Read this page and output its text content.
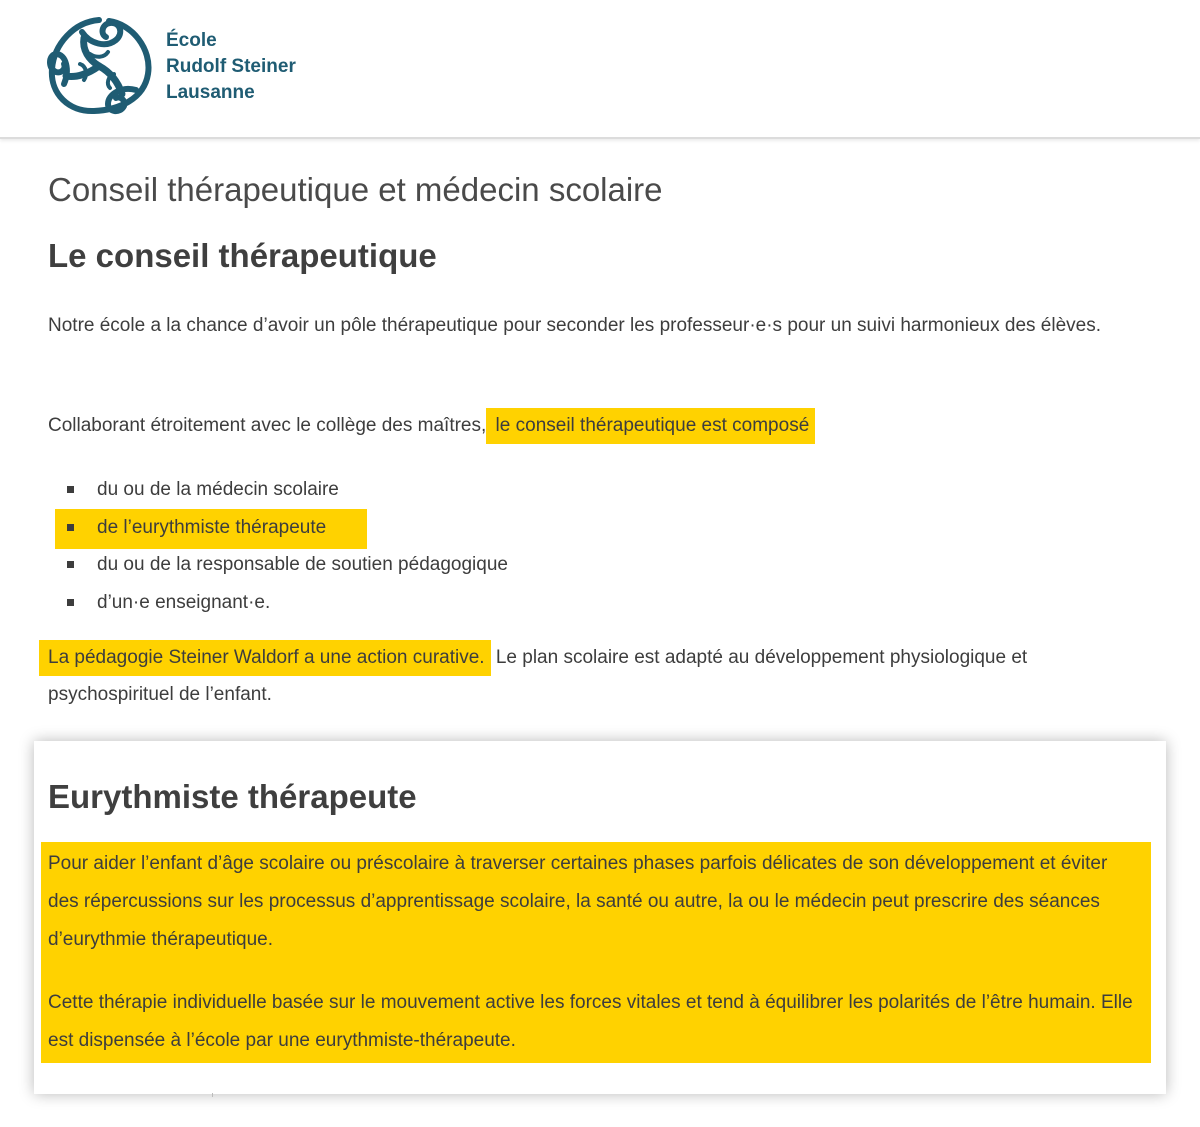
École
Rudolf Steiner
Lausanne
Conseil thérapeutique et médecin scolaire
Le conseil thérapeutique

Notre école a la chance d’avoir un pôle thérapeutique pour seconder les professeur·e·s pour un suivi harmonieux des élèves.

Collaborant étroitement avec le collège des maîtres, le conseil thérapeutique est composé

du ou de la médecin scolaire
de l’eurythmiste thérapeute
du ou de la responsable de soutien pédagogique
d’un·e enseignant·e.

La pédagogie Steiner Waldorf a une action curative. Le plan scolaire est adapté au développement physiologique et psychospirituel de l’enfant.

Eurythmiste thérapeute

Pour aider l’enfant d’âge scolaire ou préscolaire à traverser certaines phases parfois délicates de son développement et éviter des répercussions sur les processus d’apprentissage scolaire, la santé ou autre, la ou le médecin peut prescrire des séances d’eurythmie thérapeutique.

Cette thérapie individuelle basée sur le mouvement active les forces vitales et tend à équilibrer les polarités de l’être humain. Elle est dispensée à l’école par une eurythmiste-thérapeute.
